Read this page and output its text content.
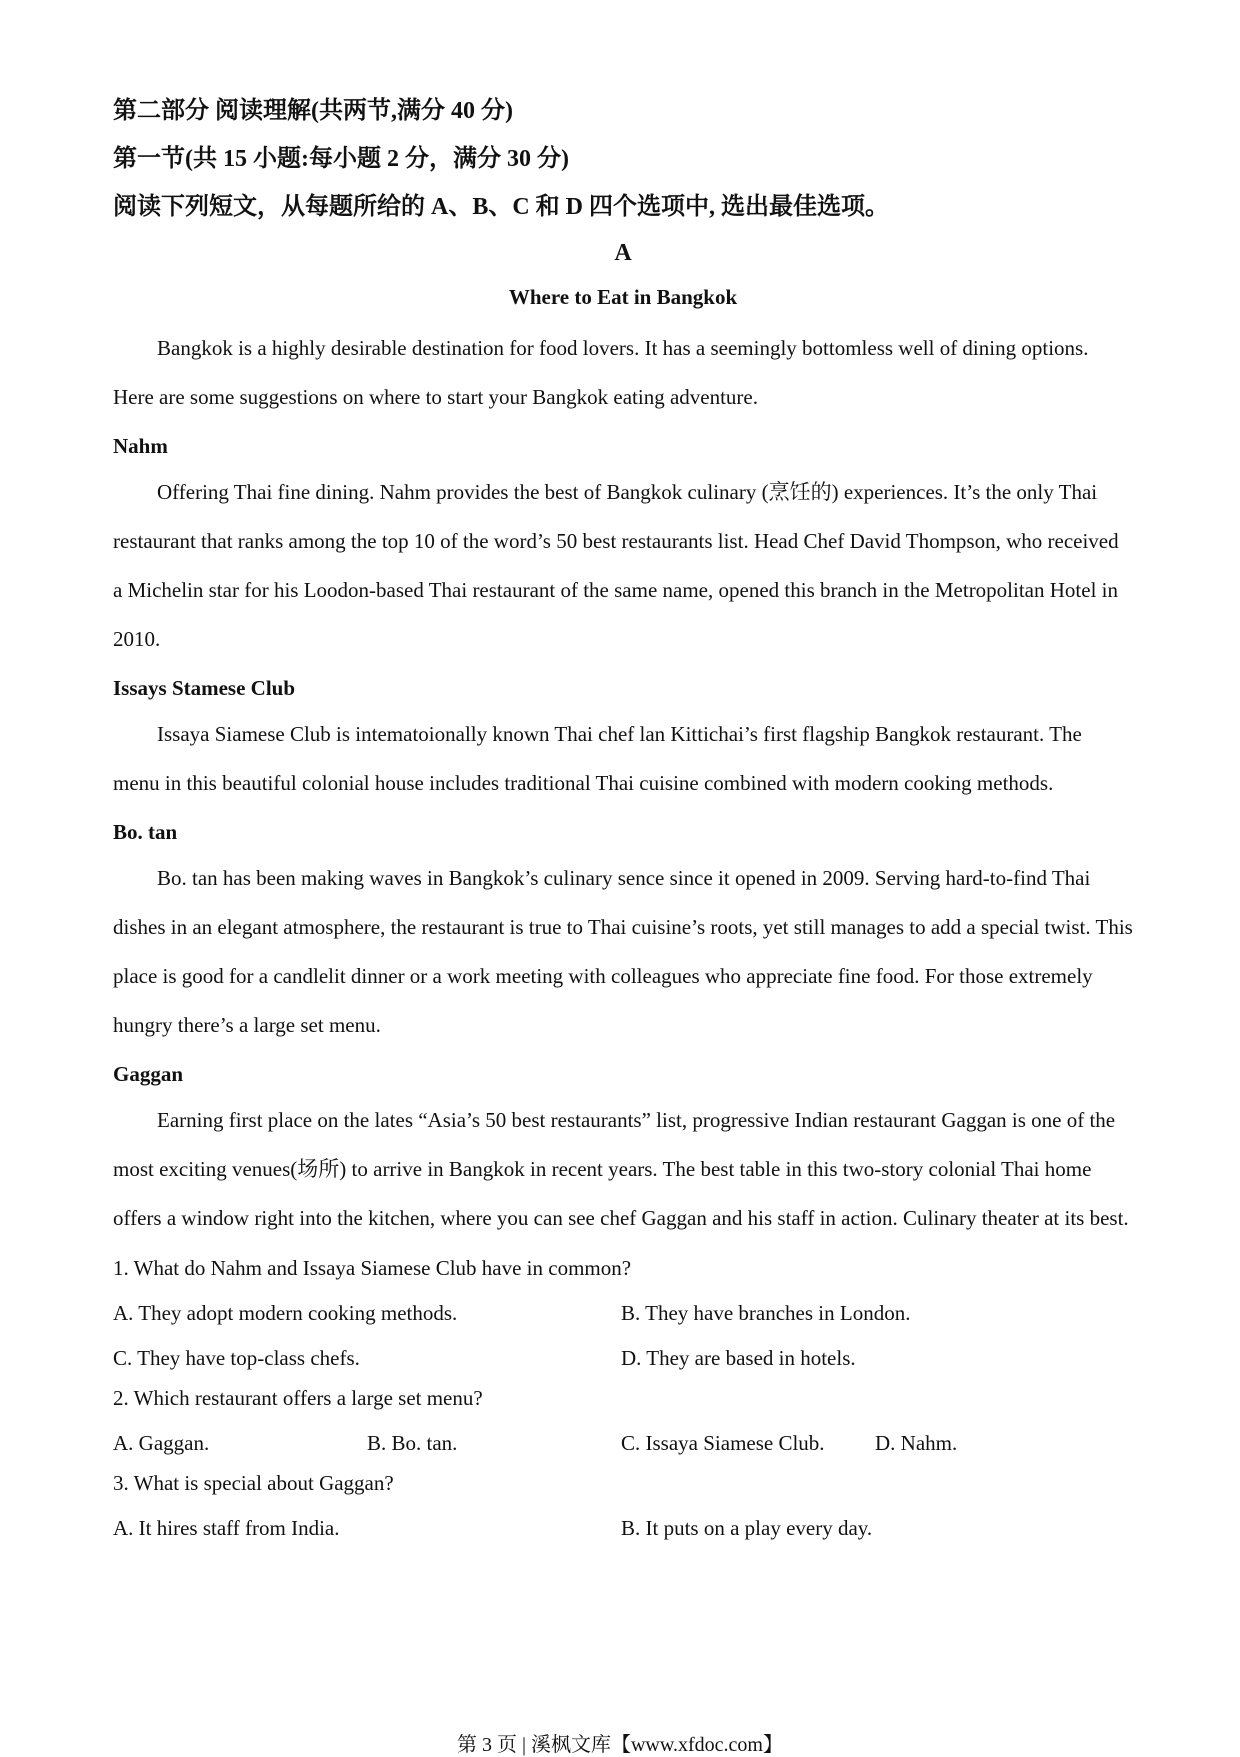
第二部分 阅读理解(共两节,满分 40 分)
第一节(共 15 小题:每小题 2 分，满分 30 分)
阅读下列短文，从每题所给的 A、B、C 和 D 四个选项中, 选出最佳选项。
A
Where to Eat in Bangkok

Bangkok is a highly desirable destination for food lovers. It has a seemingly bottomless well of dining options. Here are some suggestions on where to start your Bangkok eating adventure.

Nahm

Offering Thai fine dining. Nahm provides the best of Bangkok culinary (烹饪的) experiences. It’s the only Thai restaurant that ranks among the top 10 of the word’s 50 best restaurants list. Head Chef David Thompson, who received a Michelin star for his Loodon-based Thai restaurant of the same name, opened this branch in the Metropolitan Hotel in 2010.

Issays Stamese Club

Issaya Siamese Club is intematoionally known Thai chef lan Kittichai’s first flagship Bangkok restaurant. The menu in this beautiful colonial house includes traditional Thai cuisine combined with modern cooking methods.

Bo. tan

Bo. tan has been making waves in Bangkok’s culinary sence since it opened in 2009. Serving hard-to-find Thai dishes in an elegant atmosphere, the restaurant is true to Thai cuisine’s roots, yet still manages to add a special twist. This place is good for a candlelit dinner or a work meeting with colleagues who appreciate fine food. For those extremely hungry there’s a large set menu.

Gaggan

Earning first place on the lates “Asia’s 50 best restaurants” list, progressive Indian restaurant Gaggan is one of the most exciting venues(场所) to arrive in Bangkok in recent years. The best table in this two-story colonial Thai home offers a window right into the kitchen, where you can see chef Gaggan and his staff in action. Culinary theater at its best.

1. What do Nahm and Issaya Siamese Club have in common?
A. They adopt modern cooking methods.	B. They have branches in London.
C. They have top-class chefs.	D. They are based in hotels.
2. Which restaurant offers a large set menu?
A. Gaggan.	B. Bo. tan.	C. Issaya Siamese Club.	D. Nahm.
3. What is special about Gaggan?
A. It hires staff from India.	B. It puts on a play every day.
第 3 页 | 溪枫文库【www.xfdoc.com】
